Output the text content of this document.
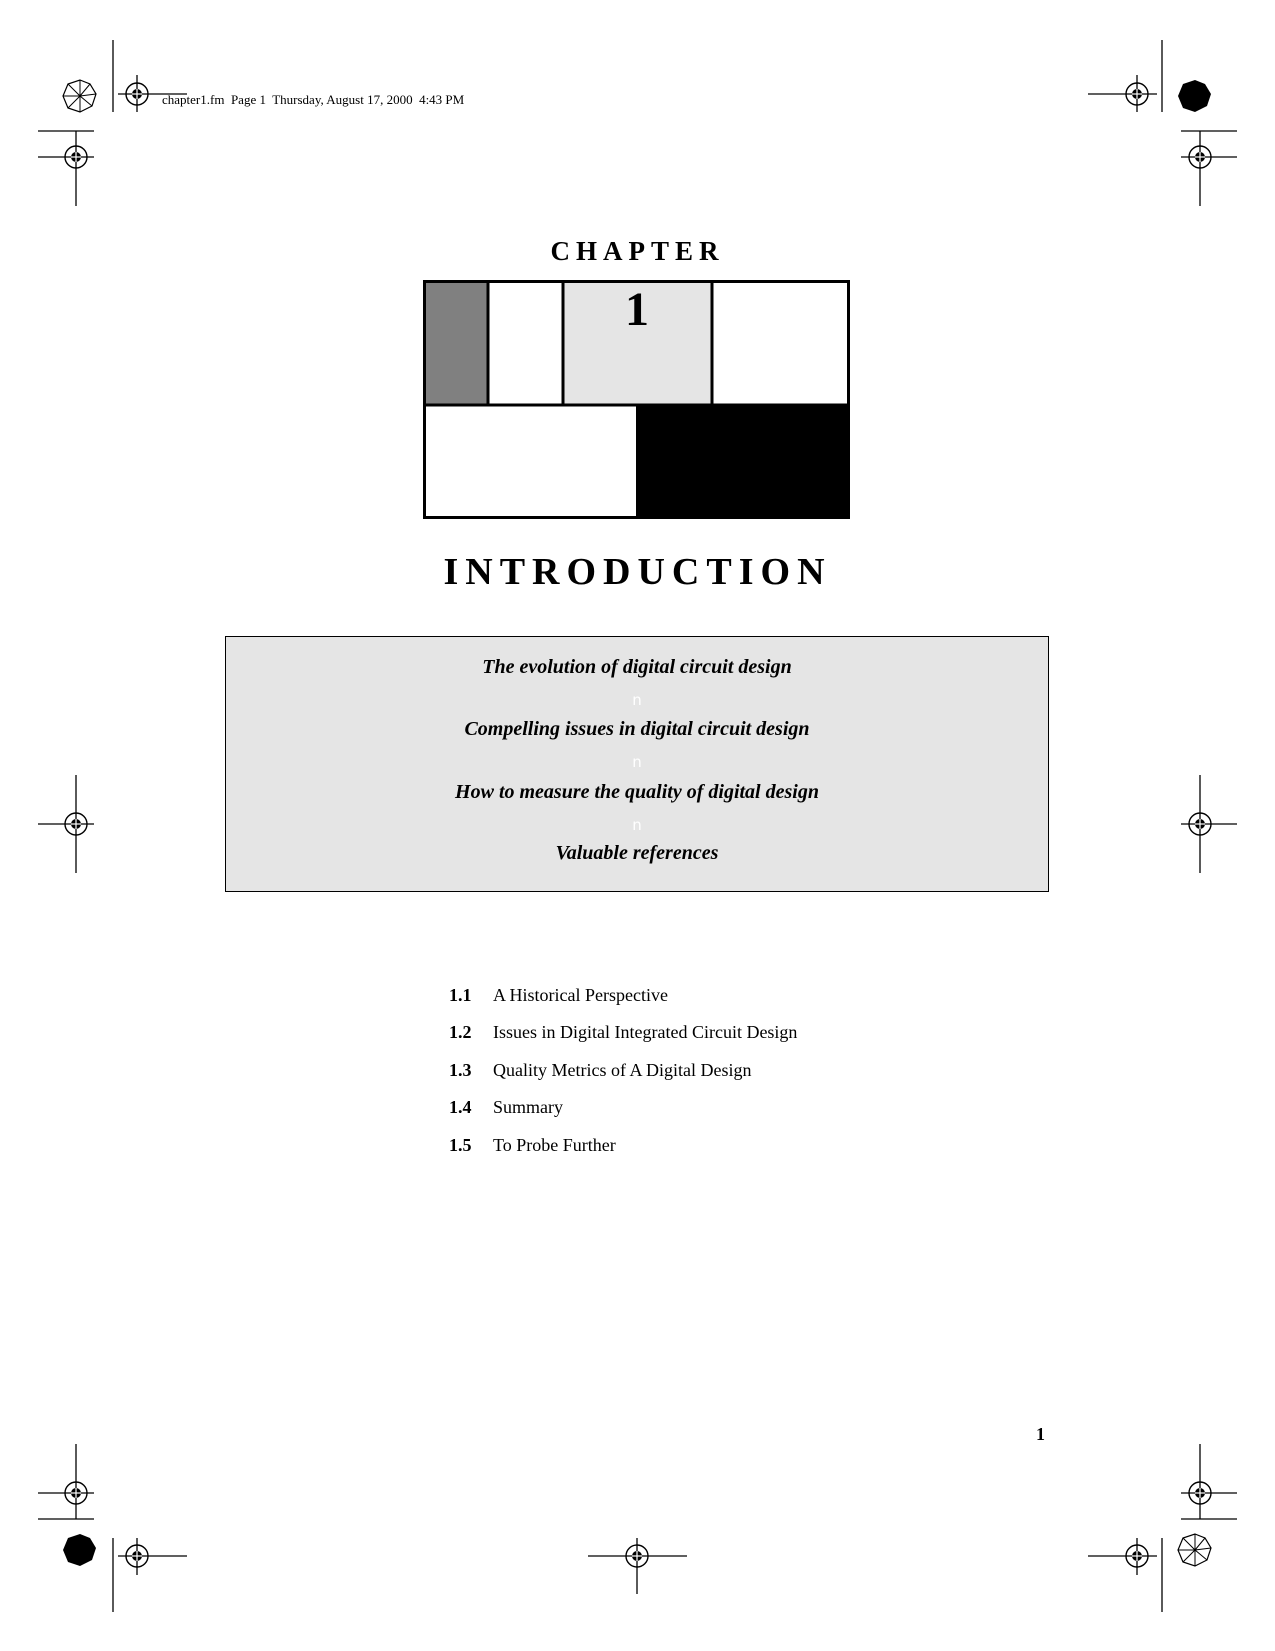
chapter1.fm  Page 1  Thursday, August 17, 2000  4:43 PM
CHAPTER
1
INTRODUCTION
The evolution of digital circuit design
n
Compelling issues in digital circuit design
n
How to measure the quality of digital design
n
Valuable references
1.1 A Historical Perspective
1.2 Issues in Digital Integrated Circuit Design
1.3 Quality Metrics of A Digital Design
1.4 Summary
1.5 To Probe Further
1
